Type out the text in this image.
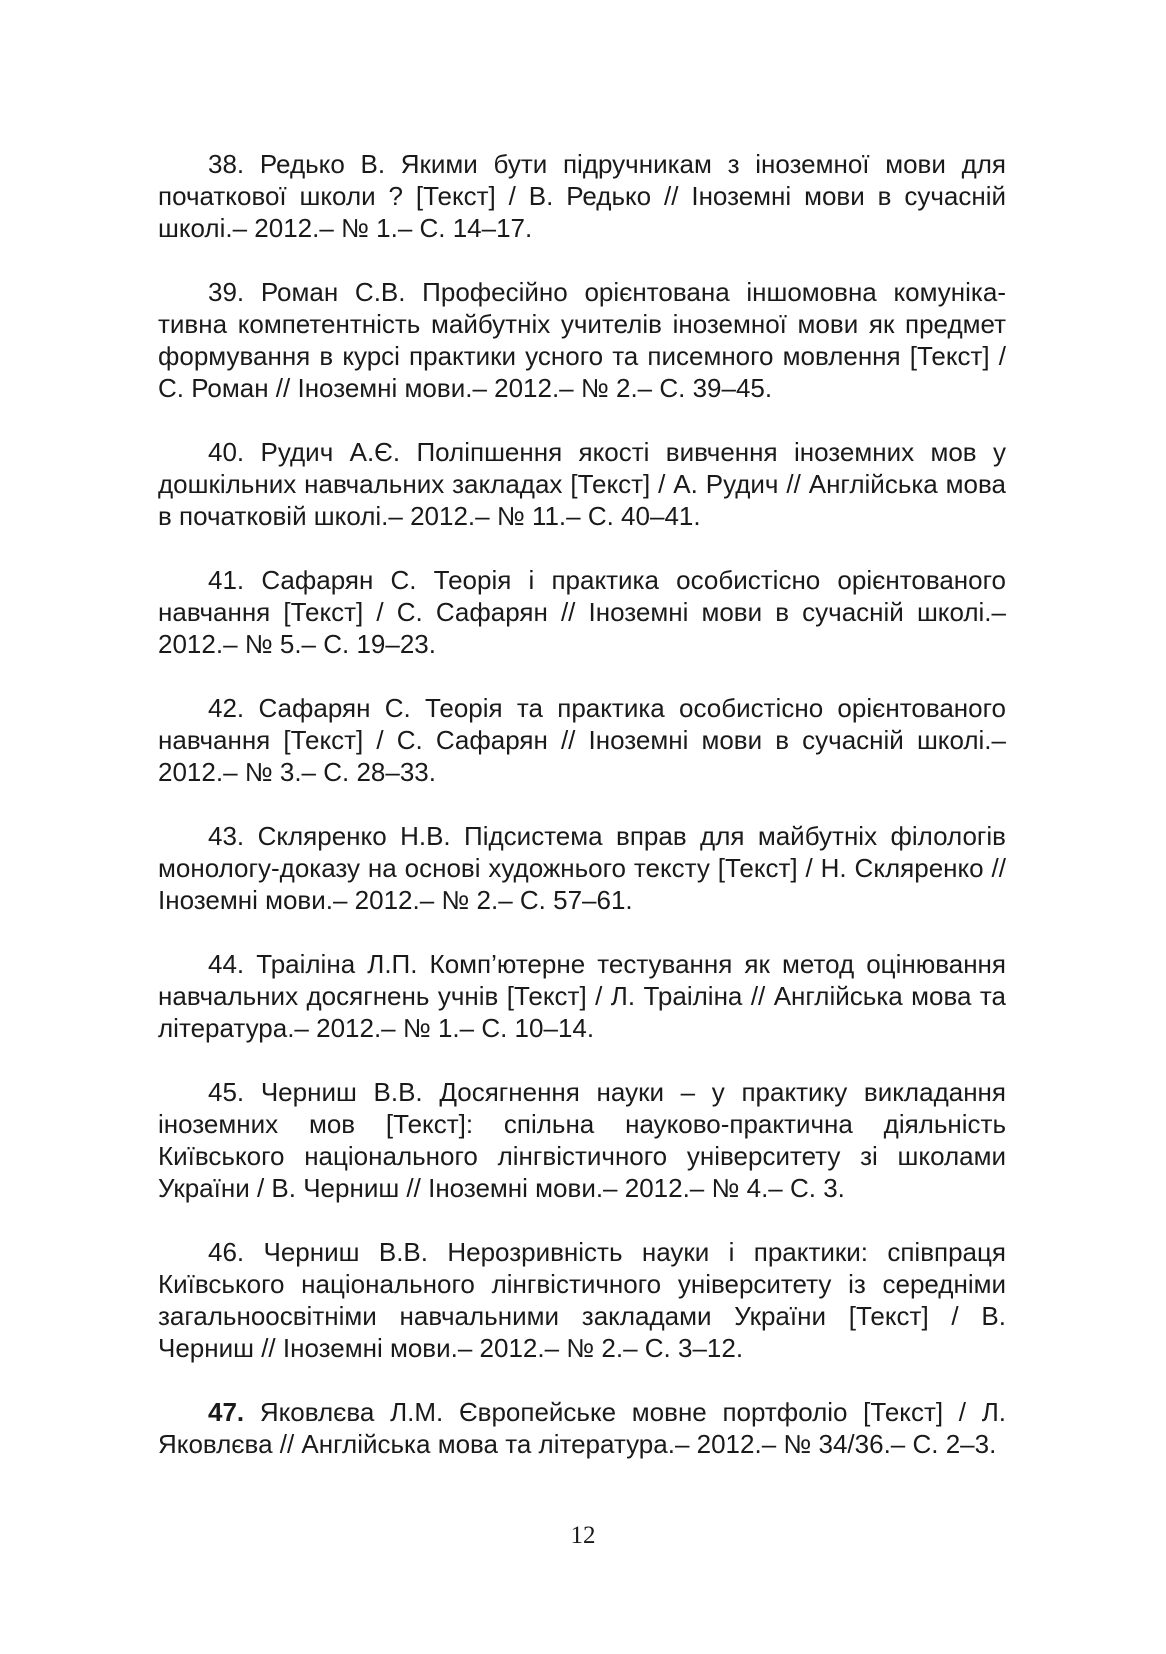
38. Редько В. Якими бути підручникам з іноземної мови для початкової школи ? [Текст] / В. Редько // Іноземні мови в сучасній школі.– 2012.– № 1.– С. 14–17.

39. Роман С.В. Професійно орієнтована іншомовна комунікативна компетентність майбутніх учителів іноземної мови як предмет формування в курсі практики усного та писемного мовлення [Текст] / С. Роман // Іноземні мови.– 2012.– № 2.– С. 39–45.

40. Рудич А.Є. Поліпшення якості вивчення іноземних мов у дошкільних навчальних закладах [Текст] / А. Рудич // Англійська мова в початковій школі.– 2012.– № 11.– С. 40–41.

41. Сафарян С. Теорія і практика особистісно орієнтованого навчання [Текст] / С. Сафарян // Іноземні мови в сучасній школі.– 2012.– № 5.– С. 19–23.

42. Сафарян С. Теорія та практика особистісно орієнтованого навчання [Текст] / С. Сафарян // Іноземні мови в сучасній школі.– 2012.– № 3.– С. 28–33.

43. Скляренко Н.В. Підсистема вправ для майбутніх філологів монологу-доказу на основі художнього тексту [Текст] / Н. Скляренко // Іноземні мови.– 2012.– № 2.– С. 57–61.

44. Траіліна Л.П. Комп’ютерне тестування як метод оцінювання навчальних досягнень учнів [Текст] / Л. Траіліна // Англійська мова та література.– 2012.– № 1.– С. 10–14.

45. Черниш В.В. Досягнення науки – у практику викладання іноземних мов [Текст]: спільна науково-практична діяльність Київського національного лінгвістичного університету зі школами України / В. Черниш // Іноземні мови.– 2012.– № 4.– С. 3.

46. Черниш В.В. Нерозривність науки і практики: співпраця Київського національного лінгвістичного університету із середніми загальноосвітніми навчальними закладами України [Текст] / В. Черниш // Іноземні мови.– 2012.– № 2.– С. 3–12.

47. Яковлєва Л.М. Європейське мовне портфоліо [Текст] / Л. Яковлєва // Англійська мова та література.– 2012.– № 34/36.– С. 2–3.

12
